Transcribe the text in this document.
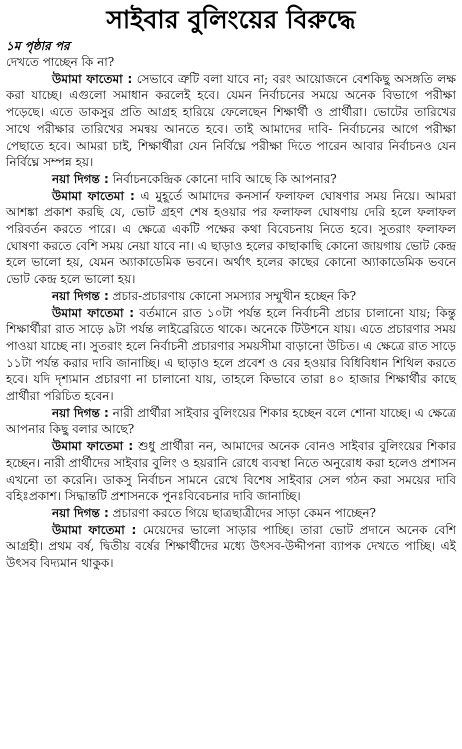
সাইবার বুলিংয়ের বিরুদ্ধে
১ম পৃষ্ঠার পর

দেখতে পাচ্ছেন কি না?

উমামা ফাতেমা : সেভাবে ত্রুটি বলা যাবে না; বরং আয়োজনে বেশকিছু অসঙ্গতি লক্ষ করা যাচ্ছে। এগুলো সমাধান করলেই হবে। যেমন নির্বাচনের সময়ে অনেক বিভাগে পরীক্ষা পড়েছে। এতে ডাকসুর প্রতি আগ্রহ হারিয়ে ফেলেছেন শিক্ষার্থী ও প্রার্থীরা। ভোটের তারিখের সাথে পরীক্ষার তারিখের সমন্বয় আনতে হবে। তাই আমাদের দাবি- নির্বাচনের আগে পরীক্ষা পেছাতে হবে। আমরা চাই, শিক্ষার্থীরা যেন নির্বিঘ্নে পরীক্ষা দিতে পারেন আবার নির্বাচনও যেন নির্বিঘ্নে সম্পন্ন হয়।

নয়া দিগন্ত : নির্বাচনকেন্দ্রিক কোনো দাবি আছে কি আপনার?

উমামা ফাতেমা : এ মুহূর্তে আমাদের কনসার্ন ফলাফল ঘোষণার সময় নিয়ে। আমরা আশঙ্কা প্রকাশ করছি যে, ভোট গ্রহণ শেষ হওয়ার পর ফলাফল ঘোষণায় দেরি হলে ফলাফল পরিবর্তন করতে পারে। এ ক্ষেত্রে একটি পক্ষের কথা বিবেচনায় নিতে হবে। সুতরাং ফলাফল ঘোষণা করতে বেশি সময় নেয়া যাবে না। এ ছাড়াও হলের কাছাকাছি কোনো জায়গায় ভোট কেন্দ্র হলে ভালো হয়, যেমন অ্যাকাডেমিক ভবনে। অর্থাৎ হলের কাছের কোনো অ্যাকাডেমিক ভবনে ভোট কেন্দ্র হলে ভালো হয়।

নয়া দিগন্ত : প্রচার-প্রচারণায় কোনো সমস্যার সম্মুখীন হচ্ছেন কি?

উমামা ফাতেমা : বর্তমানে রাত ১০টা পর্যন্ত হলে নির্বাচনী প্রচার চালানো যায়; কিন্তু শিক্ষার্থীরা রাত সাড়ে ৯টা পর্যন্ত লাইব্রেরিতে থাকে। অনেকে টিউশনে যায়। এতে প্রচারণার সময় পাওয়া যাচ্ছে না। সুতরাং হলে নির্বাচনী প্রচারণার সময়সীমা বাড়ানো উচিত। এ ক্ষেত্রে রাত সাড়ে ১১টা পর্যন্ত করার দাবি জানাচ্ছি। এ ছাড়াও হলে প্রবেশ ও বের হওয়ার বিধিবিধান শিথিল করতে হবে। যদি দৃশ্যমান প্রচারণা না চালানো যায়, তাহলে কিভাবে তারা ৪০ হাজার শিক্ষার্থীর কাছে প্রার্থীরা পরিচিত হবেন।

নয়া দিগন্ত : নারী প্রার্থীরা সাইবার বুলিংয়ের শিকার হচ্ছেন বলে শোনা যাচ্ছে। এ ক্ষেত্রে আপনার কিছু বলার আছে?

উমামা ফাতেমা : শুধু প্রার্থীরা নন, আমাদের অনেক বোনও সাইবার বুলিংয়ের শিকার হচ্ছেন। নারী প্রার্থীদের সাইবার বুলিং ও হয়রানি রোধে ব্যবস্থা নিতে অনুরোধ করা হলেও প্রশাসন এখনো তা করেনি। ডাকসু নির্বাচন সামনে রেখে বিশেষ সাইবার সেল গঠন করা সময়ের দাবি বহিঃপ্রকাশ। সিদ্ধান্তটি প্রশাসনকে পুনঃবিবেচনার দাবি জানাচ্ছি।

নয়া দিগন্ত : প্রচারণা করতে গিয়ে ছাত্রছাত্রীদের সাড়া কেমন পাচ্ছেন?

উমামা ফাতেমা : মেয়েদের ভালো সাড়ার পাচ্ছি। তারা ভোট প্রদানে অনেক বেশি আগ্রহী। প্রথম বর্ষ, দ্বিতীয় বর্ষের শিক্ষার্থীদের মধ্যে উৎসব-উদ্দীপনা ব্যাপক দেখতে পাচ্ছি। এই উৎসব বিদ্যমান থাকুক।
